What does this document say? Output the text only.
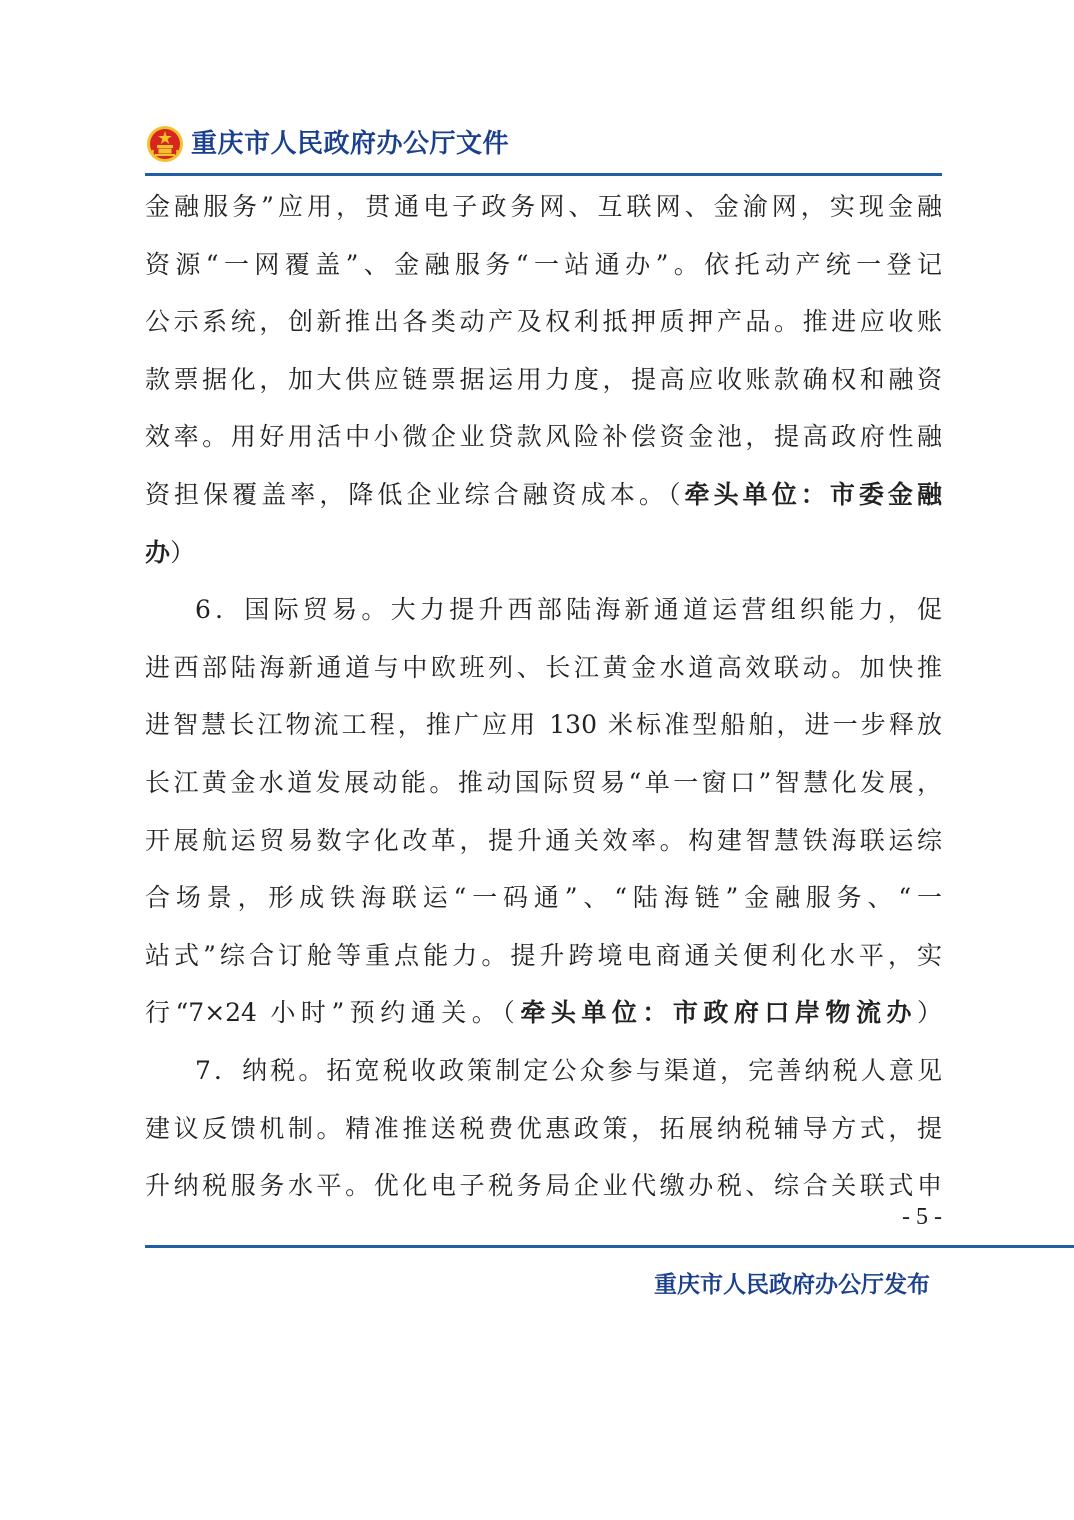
重庆市人民政府办公厅文件
金融服务”应用，贯通电子政务网、互联网、金渝网，实现金融
资源“一网覆盖”、金融服务“一站通办”。依托动产统一登记
公示系统，创新推出各类动产及权利抵押质押产品。推进应收账
款票据化，加大供应链票据运用力度，提高应收账款确权和融资
效率。用好用活中小微企业贷款风险补偿资金池，提高政府性融
资担保覆盖率，降低企业综合融资成本。（牵头单位：市委金融
办）
6．国际贸易。大力提升西部陆海新通道运营组织能力，促
进西部陆海新通道与中欧班列、长江黄金水道高效联动。加快推
进智慧长江物流工程，推广应用 130 米标准型船舶，进一步释放
长江黄金水道发展动能。推动国际贸易“单一窗口”智慧化发展，
开展航运贸易数字化改革，提升通关效率。构建智慧铁海联运综
合场景，形成铁海联运“一码通”、“陆海链”金融服务、“一
站式”综合订舱等重点能力。提升跨境电商通关便利化水平，实
行“7×24 小时”预约通关。（牵头单位：市政府口岸物流办）
7．纳税。拓宽税收政策制定公众参与渠道，完善纳税人意见
建议反馈机制。精准推送税费优惠政策，拓展纳税辅导方式，提
升纳税服务水平。优化电子税务局企业代缴办税、综合关联式申
- 5 -
重庆市人民政府办公厅发布
